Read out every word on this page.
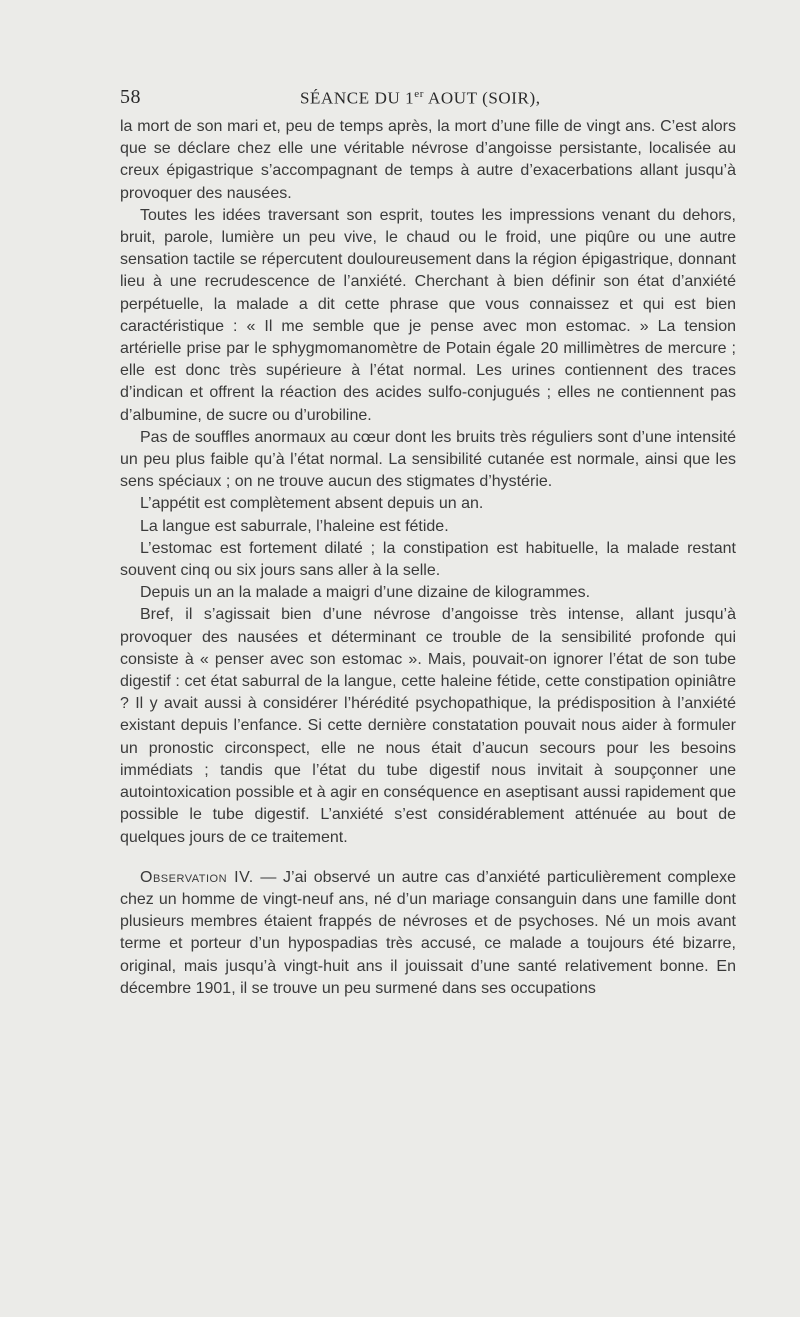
58	SÉANCE DU 1er AOUT (SOIR),

la mort de son mari et, peu de temps après, la mort d’une fille de vingt ans. C’est alors que se déclare chez elle une véritable névrose d’angoisse persistante, localisée au creux épigastrique s’accompagnant de temps à autre d’exacerbations allant jusqu’à provoquer des nausées.

Toutes les idées traversant son esprit, toutes les impressions venant du dehors, bruit, parole, lumière un peu vive, le chaud ou le froid, une piqûre ou une autre sensation tactile se répercutent douloureusement dans la région épigastrique, donnant lieu à une recrudescence de l’anxiété. Cherchant à bien définir son état d’anxiété perpétuelle, la malade a dit cette phrase que vous connaissez et qui est bien caractéristique : « Il me semble que je pense avec mon estomac. » La tension artérielle prise par le sphygmomanomètre de Potain égale 20 millimètres de mercure ; elle est donc très supérieure à l’état normal. Les urines contiennent des traces d’indican et offrent la réaction des acides sulfo-conjugués ; elles ne contiennent pas d’albumine, de sucre ou d’urobiline.

Pas de souffles anormaux au cœur dont les bruits très réguliers sont d’une intensité un peu plus faible qu’à l’état normal. La sensibilité cutanée est normale, ainsi que les sens spéciaux ; on ne trouve aucun des stigmates d’hystérie.

L’appétit est complètement absent depuis un an.

La langue est saburrale, l’haleine est fétide.

L’estomac est fortement dilaté ; la constipation est habituelle, la malade restant souvent cinq ou six jours sans aller à la selle.

Depuis un an la malade a maigri d’une dizaine de kilogrammes.

Bref, il s’agissait bien d’une névrose d’angoisse très intense, allant jusqu’à provoquer des nausées et déterminant ce trouble de la sensibilité profonde qui consiste à « penser avec son estomac ». Mais, pouvait-on ignorer l’état de son tube digestif : cet état saburral de la langue, cette haleine fétide, cette constipation opiniâtre ? Il y avait aussi à considérer l’hérédité psychopathique, la prédisposition à l’anxiété existant depuis l’enfance. Si cette dernière constatation pouvait nous aider à formuler un pronostic circonspect, elle ne nous était d’aucun secours pour les besoins immédiats ; tandis que l’état du tube digestif nous invitait à soupçonner une autointoxication possible et à agir en conséquence en aseptisant aussi rapidement que possible le tube digestif. L’anxiété s’est considérablement atténuée au bout de quelques jours de ce traitement.

Observation IV. — J’ai observé un autre cas d’anxiété particulièrement complexe chez un homme de vingt-neuf ans, né d’un mariage consanguin dans une famille dont plusieurs membres étaient frappés de névroses et de psychoses. Né un mois avant terme et porteur d’un hypospadias très accusé, ce malade a toujours été bizarre, original, mais jusqu’à vingt-huit ans il jouissait d’une santé relativement bonne. En décembre 1901, il se trouve un peu surmené dans ses occupations
